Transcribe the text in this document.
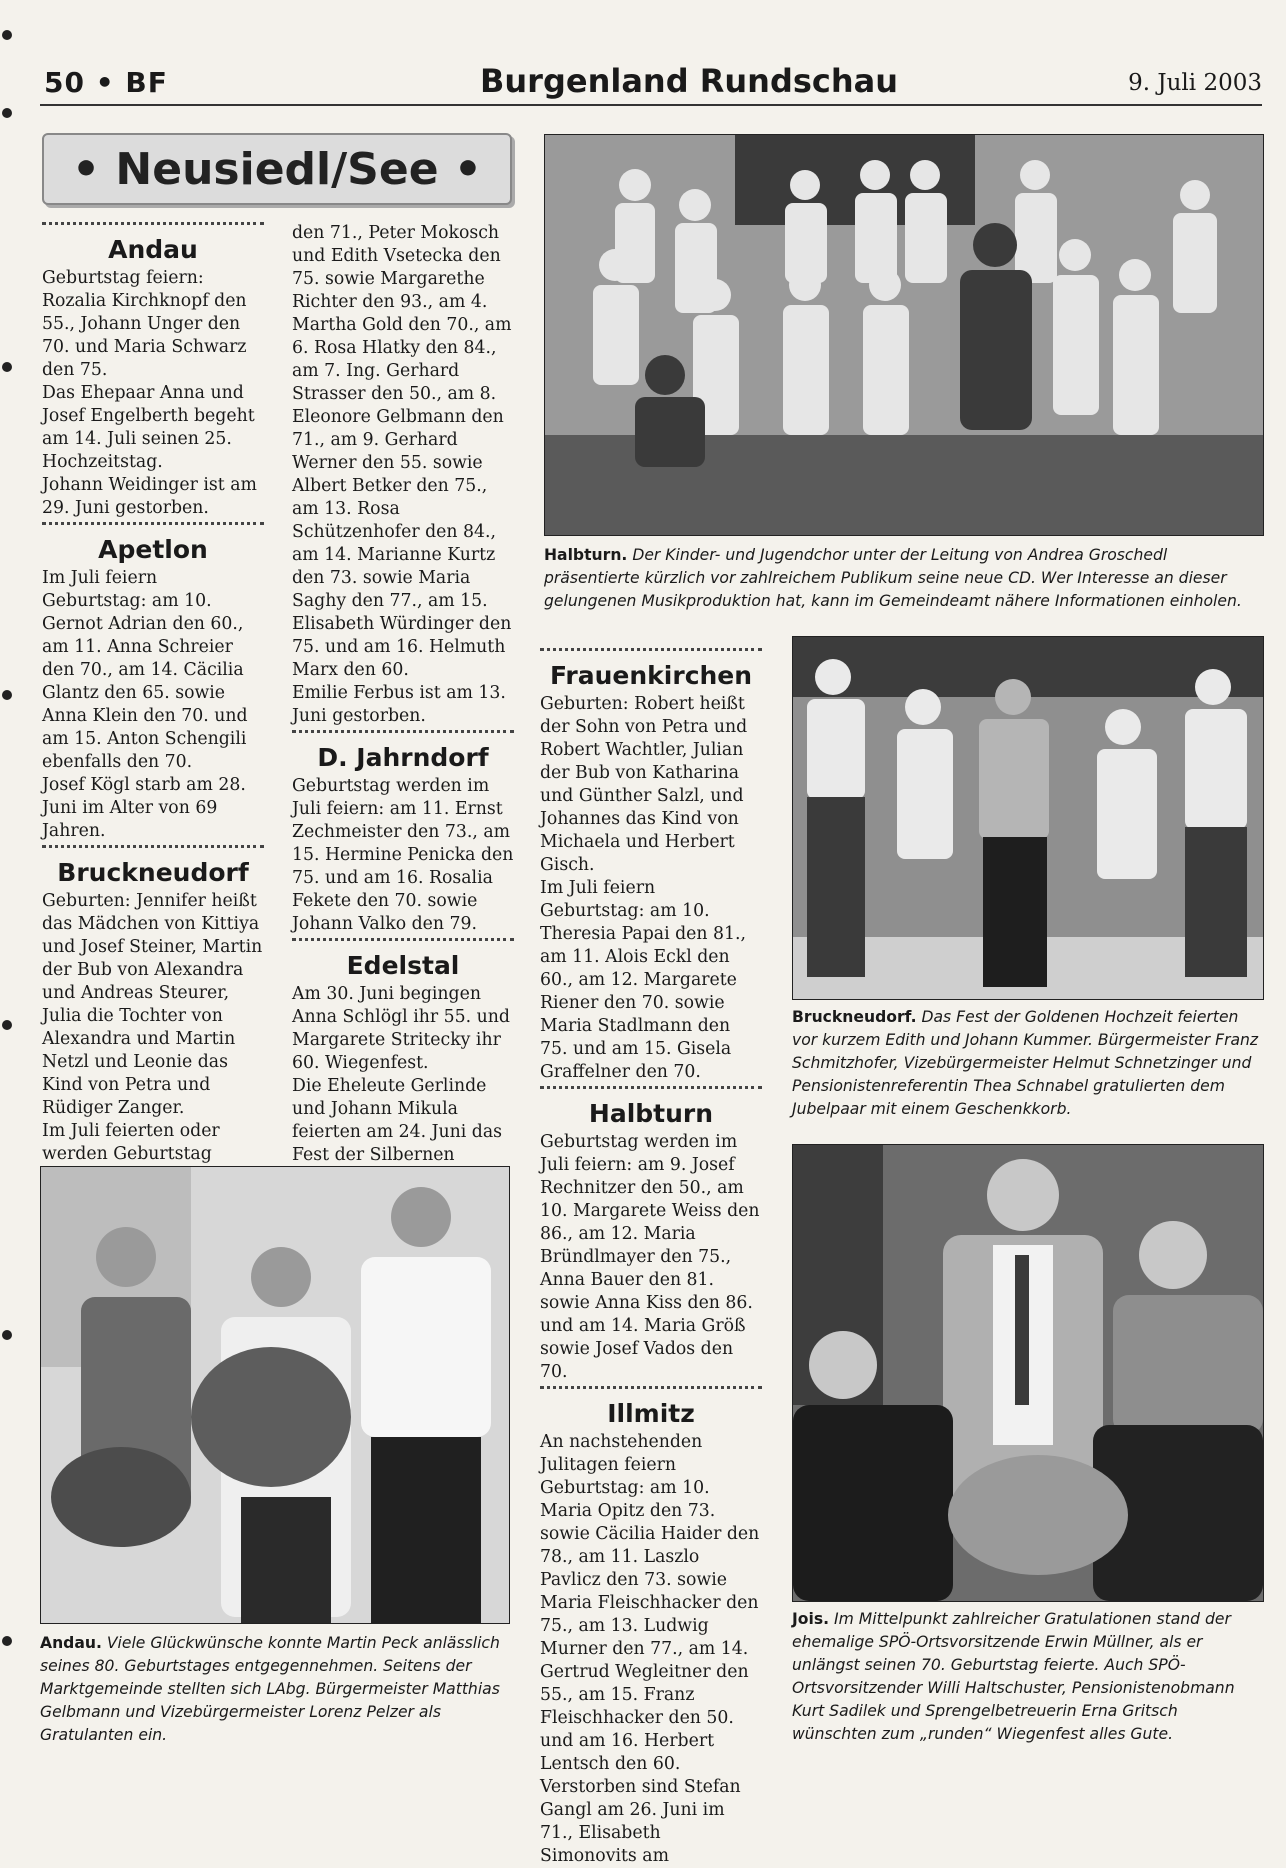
50 • BF	Burgenland Rundschau	9. Juli 2003
• Neusiedl/See •
Andau

Geburtstag feiern: Rozalia Kirchknopf den 55., Johann Unger den 70. und Maria Schwarz den 75.

Das Ehepaar Anna und Josef Engelberth begeht am 14. Juli seinen 25. Hochzeitstag.

Johann Weidinger ist am 29. Juni gestorben.

Apetlon

Im Juli feiern Geburtstag: am 10. Gernot Adrian den 60., am 11. Anna Schreier den 70., am 14. Cäcilia Glantz den 65. sowie Anna Klein den 70. und am 15. Anton Schengili ebenfalls den 70.

Josef Kögl starb am 28. Juni im Alter von 69 Jahren.

Bruckneudorf

Geburten: Jennifer heißt das Mädchen von Kittiya und Josef Steiner, Martin der Bub von Alexandra und Andreas Steurer, Julia die Tochter von Alexandra und Martin Netzl und Leonie das Kind von Petra und Rüdiger Zanger.

Im Juli feierten oder werden Geburtstag

den 71., Peter Mokosch und Edith Vsetecka den 75. sowie Margarethe Richter den 93., am 4. Martha Gold den 70., am 6. Rosa Hlatky den 84., am 7. Ing. Gerhard Strasser den 50., am 8. Eleonore Gelbmann den 71., am 9. Gerhard Werner den 55. sowie Albert Betker den 75., am 13. Rosa Schützenhofer den 84., am 14. Marianne Kurtz den 73. sowie Maria Saghy den 77., am 15. Elisabeth Würdinger den 75. und am 16. Helmuth Marx den 60.

Emilie Ferbus ist am 13. Juni gestorben.

D. Jahrndorf

Geburtstag werden im Juli feiern: am 11. Ernst Zechmeister den 73., am 15. Hermine Penicka den 75. und am 16. Rosalia Fekete den 70. sowie Johann Valko den 79.

Edelstal

Am 30. Juni begingen Anna Schlögl ihr 55. und Margarete Stritecky ihr 60. Wiegenfest.

Die Eheleute Gerlinde und Johann Mikula feierten am 24. Juni das Fest der Silbernen

Frauenkirchen

Geburten: Robert heißt der Sohn von Petra und Robert Wachtler, Julian der Bub von Katharina und Günther Salzl, und Johannes das Kind von Michaela und Herbert Gisch.

Im Juli feiern Geburtstag: am 10. Theresia Papai den 81., am 11. Alois Eckl den 60., am 12. Margarete Riener den 70. sowie Maria Stadlmann den 75. und am 15. Gisela Graffelner den 70.

Halbturn

Geburtstag werden im Juli feiern: am 9. Josef Rechnitzer den 50., am 10. Margarete Weiss den 86., am 12. Maria Bründlmayer den 75., Anna Bauer den 81. sowie Anna Kiss den 86. und am 14. Maria Größ sowie Josef Vados den 70.

Illmitz

An nachstehenden Julitagen feiern Geburtstag: am 10. Maria Opitz den 73. sowie Cäcilia Haider den 78., am 11. Laszlo Pavlicz den 73. sowie Maria Fleischhacker den 75., am 13. Ludwig Murner den 77., am 14. Gertrud Wegleitner den 55., am 15. Franz Fleischhacker den 50. und am 16. Herbert Lentsch den 60.

Verstorben sind Stefan Gangl am 26. Juni im 71., Elisabeth Simonovits am

Halbturn. Der Kinder- und Jugendchor unter der Leitung von Andrea Groschedl präsentierte kürzlich vor zahlreichem Publikum seine neue CD. Wer Interesse an dieser gelungenen Musikproduktion hat, kann im Gemeindeamt nähere Informationen einholen.
Bruckneudorf. Das Fest der Goldenen Hochzeit feierten vor kurzem Edith und Johann Kummer. Bürgermeister Franz Schmitzhofer, Vizebürgermeister Helmut Schnetzinger und Pensionistenreferentin Thea Schnabel gratulierten dem Jubelpaar mit einem Geschenkkorb.
Andau. Viele Glückwünsche konnte Martin Peck anlässlich seines 80. Geburtstages entgegennehmen. Seitens der Marktgemeinde stellten sich LAbg. Bürgermeister Matthias Gelbmann und Vizebürgermeister Lorenz Pelzer als Gratulanten ein.
Jois. Im Mittelpunkt zahlreicher Gratulationen stand der ehemalige SPÖ-Ortsvorsitzende Erwin Müllner, als er unlängst seinen 70. Geburtstag feierte. Auch SPÖ-Ortsvorsitzender Willi Haltschuster, Pensionistenobmann Kurt Sadilek und Sprengelbetreuerin Erna Gritsch wünschten zum „runden“ Wiegenfest alles Gute.
